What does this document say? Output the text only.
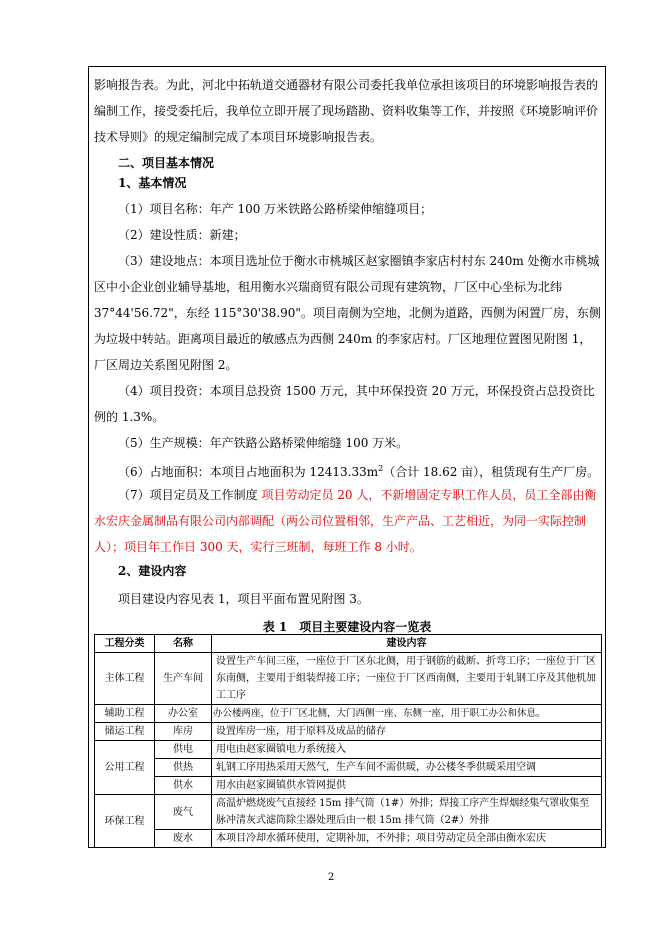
影响报告表。为此，河北中拓轨道交通器材有限公司委托我单位承担该项目的环境影响报告表的编制工作，接受委托后，我单位立即开展了现场踏勘、资料收集等工作，并按照《环境影响评价技术导则》的规定编制完成了本项目环境影响报告表。
二、项目基本情况
1、基本情况
（1）项目名称：年产 100 万米铁路公路桥梁伸缩缝项目；
（2）建设性质：新建；
（3）建设地点：本项目选址位于衡水市桃城区赵家圈镇李家店村村东 240m 处衡水市桃城区中小企业创业辅导基地，租用衡水兴瑞商贸有限公司现有建筑物，厂区中心坐标为北纬 37°44'56.72"，东经 115°30'38.90"。项目南侧为空地，北侧为道路，西侧为闲置厂房，东侧为垃圾中转站。距离项目最近的敏感点为西侧 240m 的李家店村。厂区地理位置图见附图 1，厂区周边关系图见附图 2。
（4）项目投资：本项目总投资 1500 万元，其中环保投资 20 万元，环保投资占总投资比例的 1.3%。
（5）生产规模：年产铁路公路桥梁伸缩缝 100 万米。
（6）占地面积：本项目占地面积为 $12413.33m^2$（合计 18.62 亩），租赁现有生产厂房。
（7）项目定员及工作制度 项目劳动定员 20 人，不新增固定专职工作人员，员工全部由衡水宏庆金属制品有限公司内部调配（两公司位置相邻，生产产品、工艺相近，为同一实际控制人）；项目年工作日 300 天，实行三班制，每班工作 8 小时。
2、建设内容
项目建设内容见表 1，项目平面布置见附图 3。
表 1　项目主要建设内容一览表
工程分类	名称	建设内容
主体工程	生产车间	设置生产车间三座，一座位于厂区东北侧，用于钢筋的截断、折弯工序；一座位于厂区东南侧，主要用于组装焊接工序；一座位于厂区西南侧，主要用于轧钢工序及其他机加工工序
辅助工程	办公室	办公楼两座，位于厂区北侧，大门西侧一座、东侧一座，用于职工办公和休息。
储运工程	库房	设置库房一座，用于原料及成品的储存
公用工程	供电	用电由赵家圈镇电力系统接入
	供热	轧钢工序用热采用天然气，生产车间不需供暖，办公楼冬季供暖采用空调
	供水	用水由赵家圈镇供水管网提供
环保工程	废气	高温炉燃烧废气直接经 15m 排气筒（1#）外排；焊接工序产生焊烟经集气罩收集至脉冲清灰式滤筒除尘器处理后由一根 15m 排气筒（2#）外排
	废水	本项目冷却水循环使用，定期补加，不外排；项目劳动定员全部由衡水宏庆
2
